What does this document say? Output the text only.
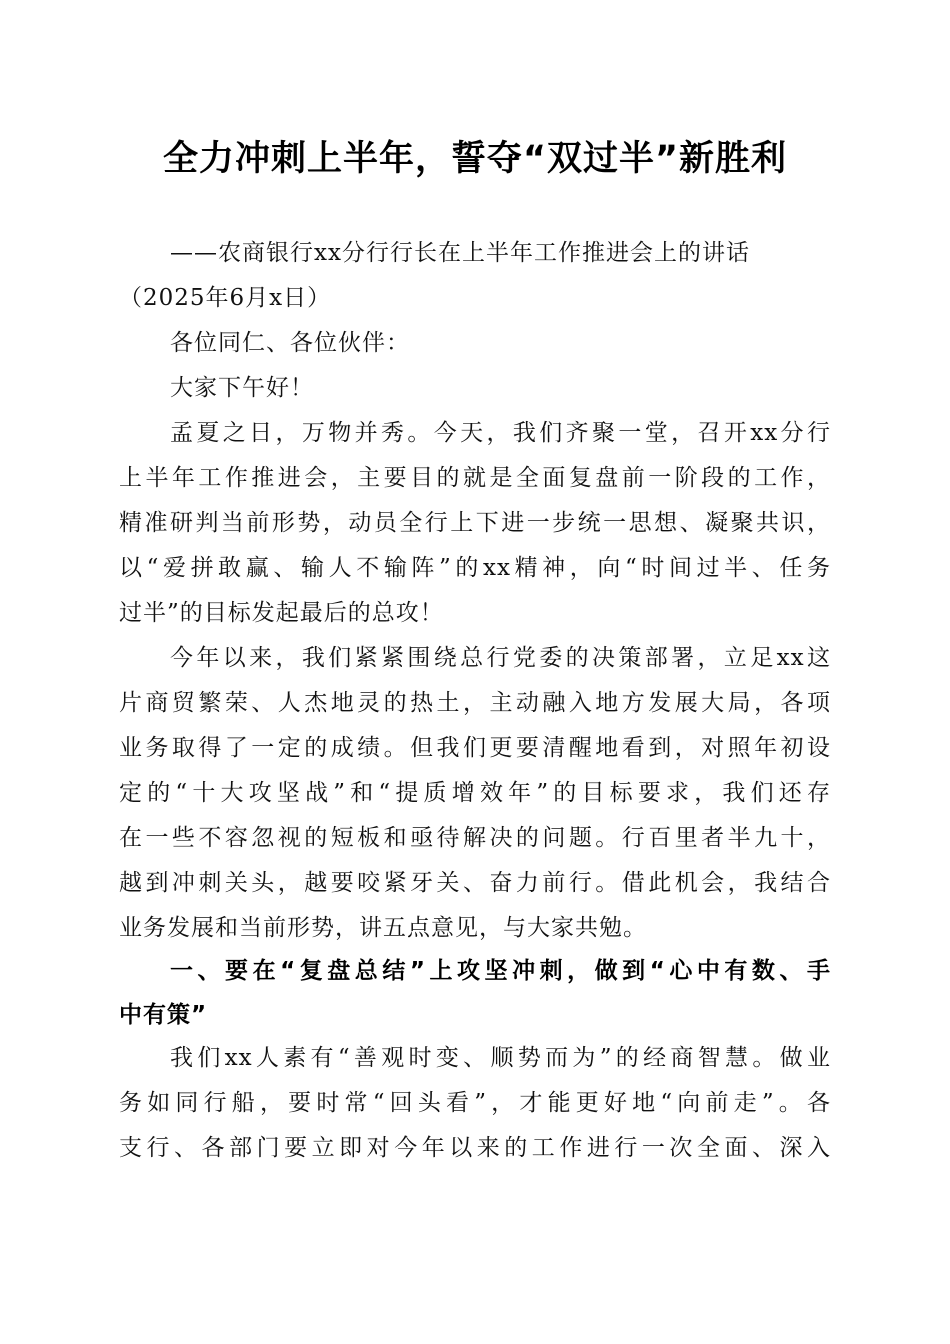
全力冲刺上半年，誓夺“双过半”新胜利
——农商银行xx分行行长在上半年工作推进会上的讲话
（2025年6月x日）
各位同仁、各位伙伴：
大家下午好！
孟夏之日，万物并秀。今天，我们齐聚一堂，召开xx分行
上半年工作推进会，主要目的就是全面复盘前一阶段的工作，
精准研判当前形势，动员全行上下进一步统一思想、凝聚共识，
以“爱拼敢赢、输人不输阵”的xx精神，向“时间过半、任务
过半”的目标发起最后的总攻！
今年以来，我们紧紧围绕总行党委的决策部署，立足xx这
片商贸繁荣、人杰地灵的热土，主动融入地方发展大局，各项
业务取得了一定的成绩。但我们更要清醒地看到，对照年初设
定的“十大攻坚战”和“提质增效年”的目标要求，我们还存
在一些不容忽视的短板和亟待解决的问题。行百里者半九十，
越到冲刺关头，越要咬紧牙关、奋力前行。借此机会，我结合
业务发展和当前形势，讲五点意见，与大家共勉。
一、要在“复盘总结”上攻坚冲刺，做到“心中有数、手
中有策”
我们xx人素有“善观时变、顺势而为”的经商智慧。做业
务如同行船，要时常“回头看”，才能更好地“向前走”。各
支行、各部门要立即对今年以来的工作进行一次全面、深入
